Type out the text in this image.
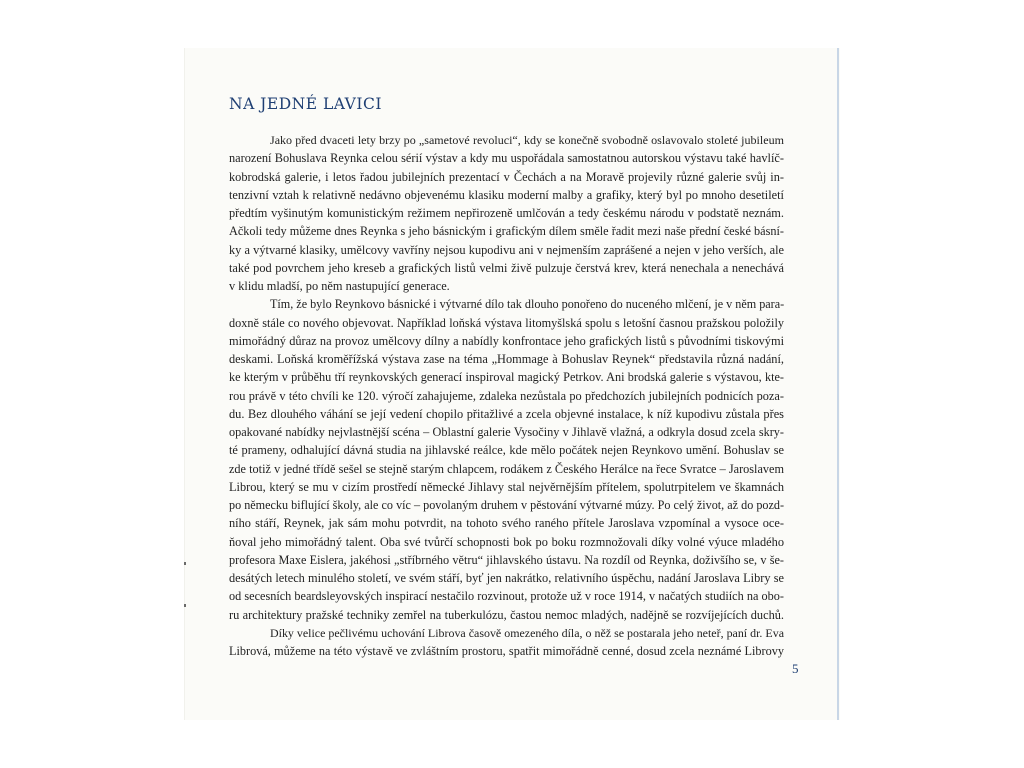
NA JEDNÉ LAVICI
Jako před dvaceti lety brzy po „sametové revoluci“, kdy se konečně svobodně oslavovalo stoleté jubileum
narození Bohuslava Reynka celou sérií výstav a kdy mu uspořádala samostatnou autorskou výstavu také havlíč-
kobrodská galerie, i letos řadou jubilejních prezentací v Čechách a na Moravě projevily různé galerie svůj in-
tenzivní vztah k relativně nedávno objevenému klasiku moderní malby a grafiky, který byl po mnoho desetiletí
předtím vyšinutým komunistickým režimem nepřirozeně umlčován a tedy českému národu v podstatě neznám.
Ačkoli tedy můžeme dnes Reynka s jeho básnickým i grafickým dílem směle řadit mezi naše přední české básní-
ky a výtvarné klasiky, umělcovy vavříny nejsou kupodivu ani v nejmenším zaprášené a nejen v jeho verších, ale
také pod povrchem jeho kreseb a grafických listů velmi živě pulzuje čerstvá krev, která nenechala a nenechává
v klidu mladší, po něm nastupující generace.
Tím, že bylo Reynkovo básnické i výtvarné dílo tak dlouho ponořeno do nuceného mlčení, je v něm para-
doxně stále co nového objevovat. Například loňská výstava litomyšlská spolu s letošní časnou pražskou položily
mimořádný důraz na provoz umělcovy dílny a nabídly konfrontace jeho grafických listů s původními tiskovými
deskami. Loňská kroměřížská výstava zase na téma „Hommage à Bohuslav Reynek“ představila různá nadání,
ke kterým v průběhu tří reynkovských generací inspiroval magický Petrkov. Ani brodská galerie s výstavou, kte-
rou právě v této chvíli ke 120. výročí zahajujeme, zdaleka nezůstala po předchozích jubilejních podnicích poza-
du. Bez dlouhého váhání se její vedení chopilo přitažlivé a zcela objevné instalace, k níž kupodivu zůstala přes
opakované nabídky nejvlastnější scéna – Oblastní galerie Vysočiny v Jihlavě vlažná, a odkryla dosud zcela skry-
té prameny, odhalující dávná studia na jihlavské reálce, kde mělo počátek nejen Reynkovo umění. Bohuslav se
zde totiž v jedné třídě sešel se stejně starým chlapcem, rodákem z Českého Herálce na řece Svratce – Jaroslavem
Librou, který se mu v cizím prostředí německé Jihlavy stal nejvěrnějším přítelem, spolutrpitelem ve škamnách
po německu biflující školy, ale co víc – povolaným druhem v pěstování výtvarné múzy. Po celý život, až do pozd-
ního stáří, Reynek, jak sám mohu potvrdit, na tohoto svého raného přítele Jaroslava vzpomínal a vysoce oce-
ňoval jeho mimořádný talent. Oba své tvůrčí schopnosti bok po boku rozmnožovali díky volné výuce mladého
profesora Maxe Eislera, jakéhosi „stříbrného větru“ jihlavského ústavu. Na rozdíl od Reynka, doživšího se, v še-
desátých letech minulého století, ve svém stáří, byť jen nakrátko, relativního úspěchu, nadání Jaroslava Libry se
od secesních beardsleyovských inspirací nestačilo rozvinout, protože už v roce 1914, v načatých studiích na obo-
ru architektury pražské techniky zemřel na tuberkulózu, častou nemoc mladých, nadějně se rozvíjejících duchů.
Díky velice pečlivému uchování Librova časově omezeného díla, o něž se postarala jeho neteř, paní dr. Eva
Librová, můžeme na této výstavě ve zvláštním prostoru, spatřit mimořádně cenné, dosud zcela neznámé Librovy
5
